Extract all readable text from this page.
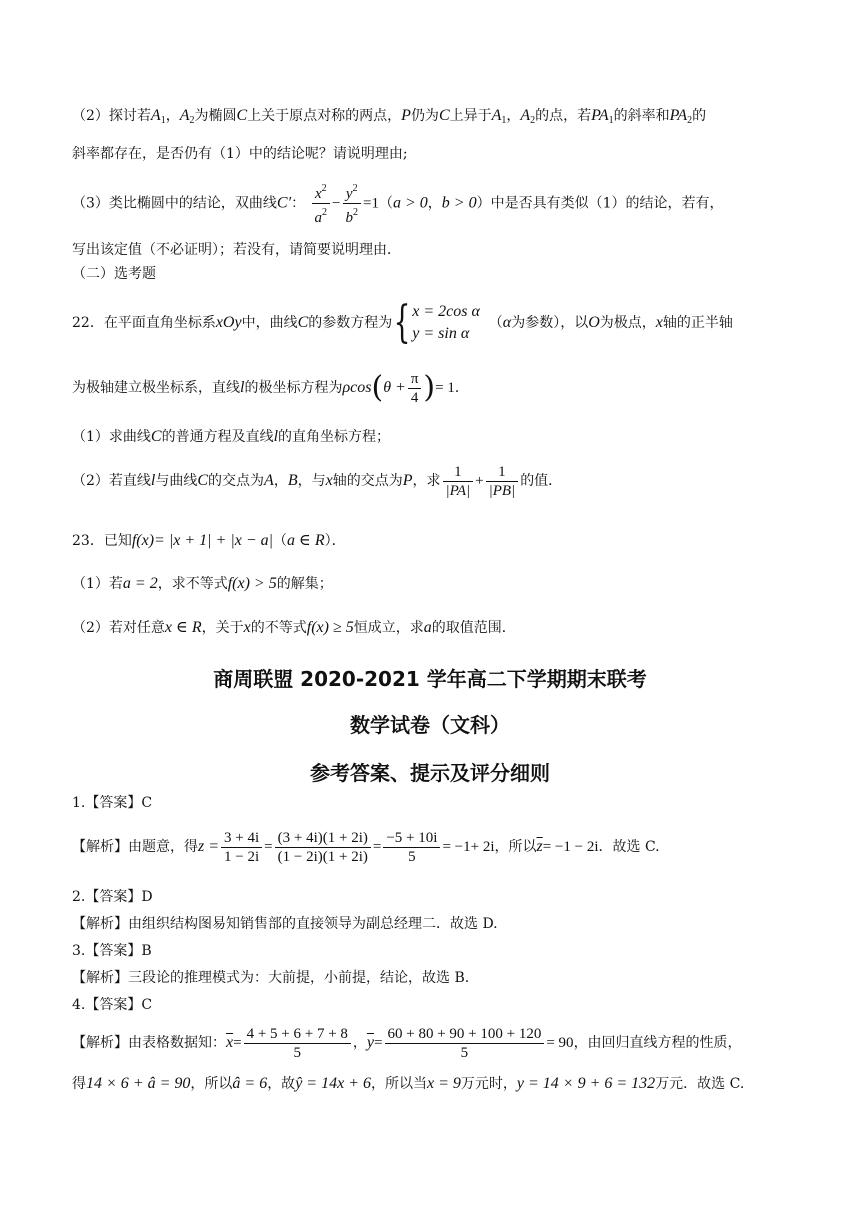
（2）探讨若$A_1$，$A_2$为椭圆C上关于原点对称的两点，P仍为C上异于$A_1$，$A_2$的点，若$PA_1$的斜率和$PA_2$的
斜率都存在，是否仍有（1）中的结论呢？请说明理由;
（3）类比椭圆中的结论，双曲线C′： $\frac{x^2}{a^2} - \frac{y^2}{b^2} =1(a > 0$，b > 0）中是否具有类似（1）的结论，若有，
写出该定值（不必证明）；若没有，请简要说明理由．
（二）选考题
22．在平面直角坐标系xOy中，曲线C的参数方程为{ x = 2cos α
y = sin α
（α为参数），以O为极点，x轴的正半轴
为极轴建立极坐标系，直线l的极坐标方程为$\rho\cos(\theta + \frac{\pi}{4}$ )= 1．
（1）求曲线C的普通方程及直线l的直角坐标方程；
（2）若直线l与曲线C的交点为A，B，与x轴的交点为P，求 $\frac{1}{|PA|} + \frac{1}{|PB|}$ 的值．
23．已知f(x)= |x + 1| + |x − a|（a ∈ R）．
（1）若a = 2，求不等式f(x) > 5的解集；
（2）若对任意x ∈ R，关于x的不等式f(x) ≥ 5恒成立，求a的取值范围．
商周联盟 2020-2021 学年高二下学期期末联考
数学试卷（文科）
参考答案、提示及评分细则
1.【答案】C
【解析】由题意，得$z = \frac{3 + 4i}{1 - 2i} = \frac{(3 + 4i)(1 + 2i)}{(1 - 2i)(1 + 2i)} = \frac{-5 + 10i}{5} = -1+ 2i$，所以$\overline{z}= -1 - 2i$．故选 C.
2.【答案】D
【解析】由组织结构图易知销售部的直接领导为副总经理二．故选 D.
3.【答案】B
【解析】三段论的推理模式为：大前提，小前提，结论，故选 B.
4.【答案】C
【解析】由表格数据知：$\overline{x}= \frac{4 + 5 + 6 + 7 + 8}{5}$ ，$\overline{y}= \frac{60 + 80 + 90 + 100 + 120}{5} = 90$，由回归直线方程的性质，
得14 × 6 + â = 90，所以â = 6，故ŷ = 14x + 6，所以当x = 9万元时，y = 14 × 9 + 6 = 132万元．故选 C.
